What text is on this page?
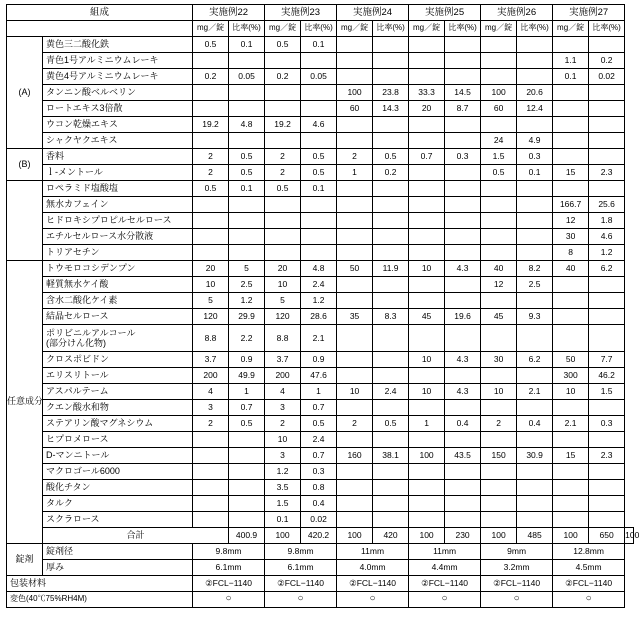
組成		実施例22		実施例23		実施例24		実施例25		実施例26		実施例27		
		mg／錠	比率(%)	mg／錠	比率(%)	mg／錠	比率(%)	mg／錠	比率(%)	mg／錠	比率(%)	mg／錠	比率(%)	
(A)	黄色三二酸化鉄	0.5	0.1	0.5	0.1									
	青色1号アルミニウムレーキ											1.1	0.2	
	黄色4号アルミニウムレーキ	0.2	0.05	0.2	0.05							0.1	0.02	
	タンニン酸ベルベリン					100	23.8	33.3	14.5	100	20.6			
	ロートエキス3倍散					60	14.3	20	8.7	60	12.4			
	ウコン乾燥エキス	19.2	4.8	19.2	4.6									
	シャクヤクエキス									24	4.9			
(B)	香料	2	0.5	2	0.5	2	0.5	0.7	0.3	1.5	0.3			
	ｌ-メントール	2	0.5	2	0.5	1	0.2			0.5	0.1	15	2.3	
	ロペラミド塩酸塩	0.5	0.1	0.5	0.1									
	無水カフェイン											166.7	25.6	
	ヒドロキシプロピルセルロース											12	1.8	
	エチルセルロース水分散液											30	4.6	
	トリアセチン											8	1.2	
任意成分	トウモロコシデンプン	20	5	20	4.8	50	11.9	10	4.3	40	8.2	40	6.2	
	軽質無水ケイ酸	10	2.5	10	2.4					12	2.5			
	含水二酸化ケイ素	5	1.2	5	1.2									
	結晶セルロース	120	29.9	120	28.6	35	8.3	45	19.6	45	9.3			
	ポリビニルアルコール
(部分けん化物)	8.8	2.2	8.8	2.1									
	クロスポビドン	3.7	0.9	3.7	0.9			10	4.3	30	6.2	50	7.7	
	エリスリトール	200	49.9	200	47.6							300	46.2	
	アスパルテーム	4	1	4	1	10	2.4	10	4.3	10	2.1	10	1.5	
	クエン酸水和物	3	0.7	3	0.7									
	ステアリン酸マグネシウム	2	0.5	2	0.5	2	0.5	1	0.4	2	0.4	2.1	0.3	
	ヒプロメロース			10	2.4									
	D-マンニトール			3	0.7	160	38.1	100	43.5	150	30.9	15	2.3	
	マクロゴール6000			1.2	0.3									
	酸化チタン			3.5	0.8									
	タルク			1.5	0.4									
	スクラロース			0.1	0.02									
	合計		400.9	100	420.2	100	420	100	230	100	485	100	650	100
錠剤	錠剤径	9.8mm		9.8mm		11mm		11mm		9mm		12.8mm		
	厚み	6.1mm		6.1mm		4.0mm		4.4mm		3.2mm		4.5mm		
包装材料		②FCL−1140		②FCL−1140		②FCL−1140		②FCL−1140		②FCL−1140		②FCL−1140		
変色(40℃75%RH4M)		○		○		○		○		○		○		
